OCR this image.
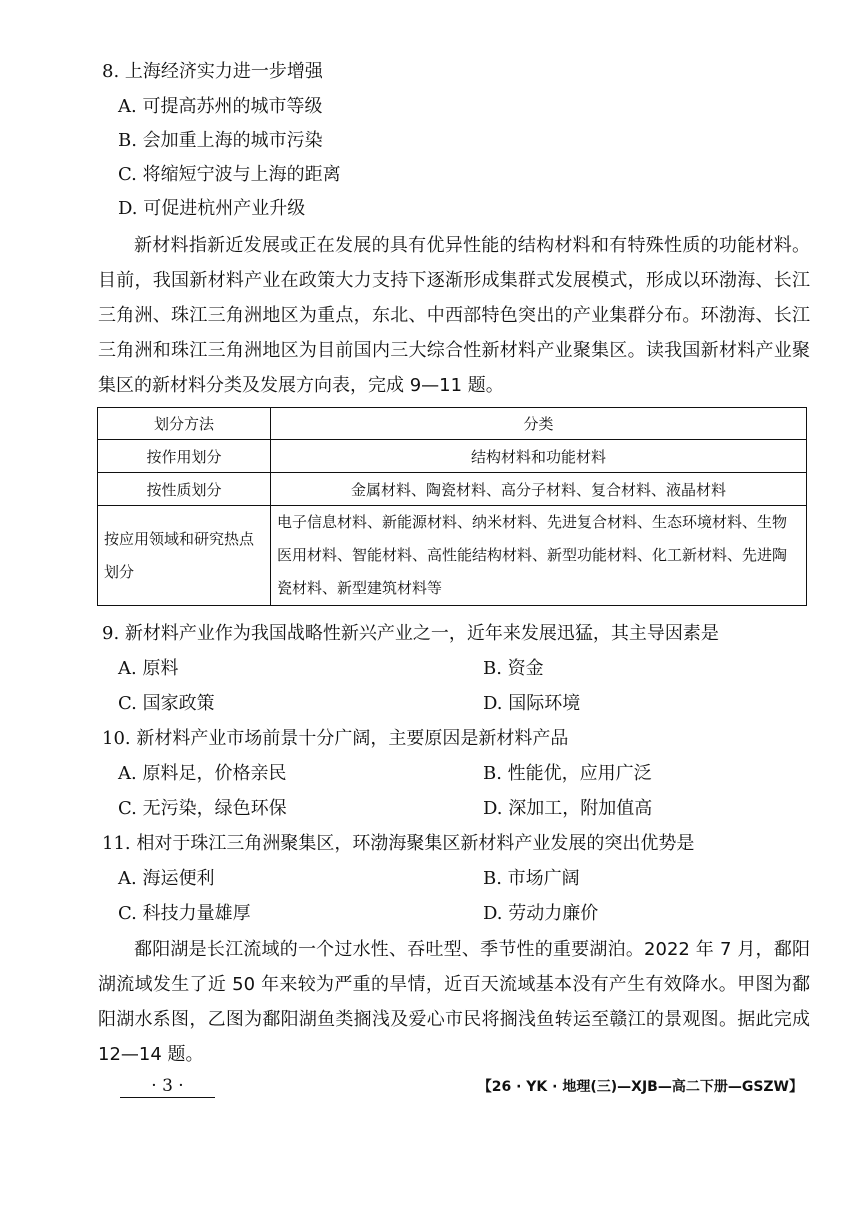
8. 上海经济实力进一步增强
A. 可提高苏州的城市等级
B. 会加重上海的城市污染
C. 将缩短宁波与上海的距离
D. 可促进杭州产业升级

新材料指新近发展或正在发展的具有优异性能的结构材料和有特殊性质的功能材料。目前，我国新材料产业在政策大力支持下逐渐形成集群式发展模式，形成以环渤海、长江三角洲、珠江三角洲地区为重点，东北、中西部特色突出的产业集群分布。环渤海、长江三角洲和珠江三角洲地区为目前国内三大综合性新材料产业聚集区。读我国新材料产业聚集区的新材料分类及发展方向表，完成 9—11 题。

划分方法	分类
按作用划分	结构材料和功能材料
按性质划分	金属材料、陶瓷材料、高分子材料、复合材料、液晶材料
按应用领域和研究热点划分	电子信息材料、新能源材料、纳米材料、先进复合材料、生态环境材料、生物医用材料、智能材料、高性能结构材料、新型功能材料、化工新材料、先进陶瓷材料、新型建筑材料等
9. 新材料产业作为我国战略性新兴产业之一，近年来发展迅猛，其主导因素是
A. 原料	B. 资金
C. 国家政策	D. 国际环境
10. 新材料产业市场前景十分广阔，主要原因是新材料产品
A. 原料足，价格亲民	B. 性能优，应用广泛
C. 无污染，绿色环保	D. 深加工，附加值高
11. 相对于珠江三角洲聚集区，环渤海聚集区新材料产业发展的突出优势是
A. 海运便利	B. 市场广阔
C. 科技力量雄厚	D. 劳动力廉价

鄱阳湖是长江流域的一个过水性、吞吐型、季节性的重要湖泊。2022 年 7 月，鄱阳湖流域发生了近 50 年来较为严重的旱情，近百天流域基本没有产生有效降水。甲图为鄱阳湖水系图，乙图为鄱阳湖鱼类搁浅及爱心市民将搁浅鱼转运至赣江的景观图。据此完成 12—14 题。

· 3 ·	【26 · YK · 地理(三)—XJB—高二下册—GSZW】
